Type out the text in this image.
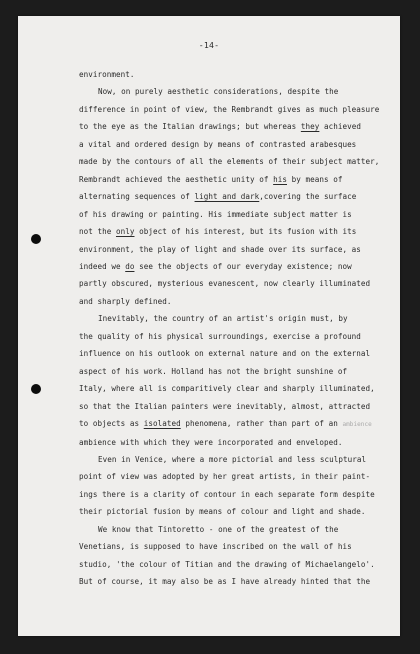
-14-
environment.
Now, on purely aesthetic considerations, despite the
difference in point of view, the Rembrandt gives as much pleasure
to the eye as the Italian drawings; but whereas they achieved
a vital and ordered design by means of contrasted arabesques
made by the contours of all the elements of their subject matter,
Rembrandt achieved the aesthetic unity of his by means of
alternating sequences of light and dark,covering the surface
of his drawing or painting. His immediate subject matter is
not the only object of his interest, but its fusion with its
environment, the play of light and shade over its surface, as
indeed we do see the objects of our everyday existence; now
partly obscured, mysterious evanescent, now clearly illuminated
and sharply defined.
Inevitably, the country of an artist's origin must, by
the quality of his physical surroundings, exercise a profound
influence on his outlook on external nature and on the external
aspect of his work. Holland has not the bright sunshine of
Italy, where all is comparitively clear and sharply illuminated,
so that the Italian painters were inevitably, almost, attracted
to objects as isolated phenomena, rather than part of an ambience
ambience with which they were incorporated and enveloped.
Even in Venice, where a more pictorial and less sculptural
point of view was adopted by her great artists, in their paint-
ings there is a clarity of contour in each separate form despite
their pictorial fusion by means of colour and light and shade.
We know that Tintoretto - one of the greatest of the
Venetians, is supposed to have inscribed on the wall of his
studio, 'the colour of Titian and the drawing of Michaelangelo'.
But of course, it may also be as I have already hinted that the
